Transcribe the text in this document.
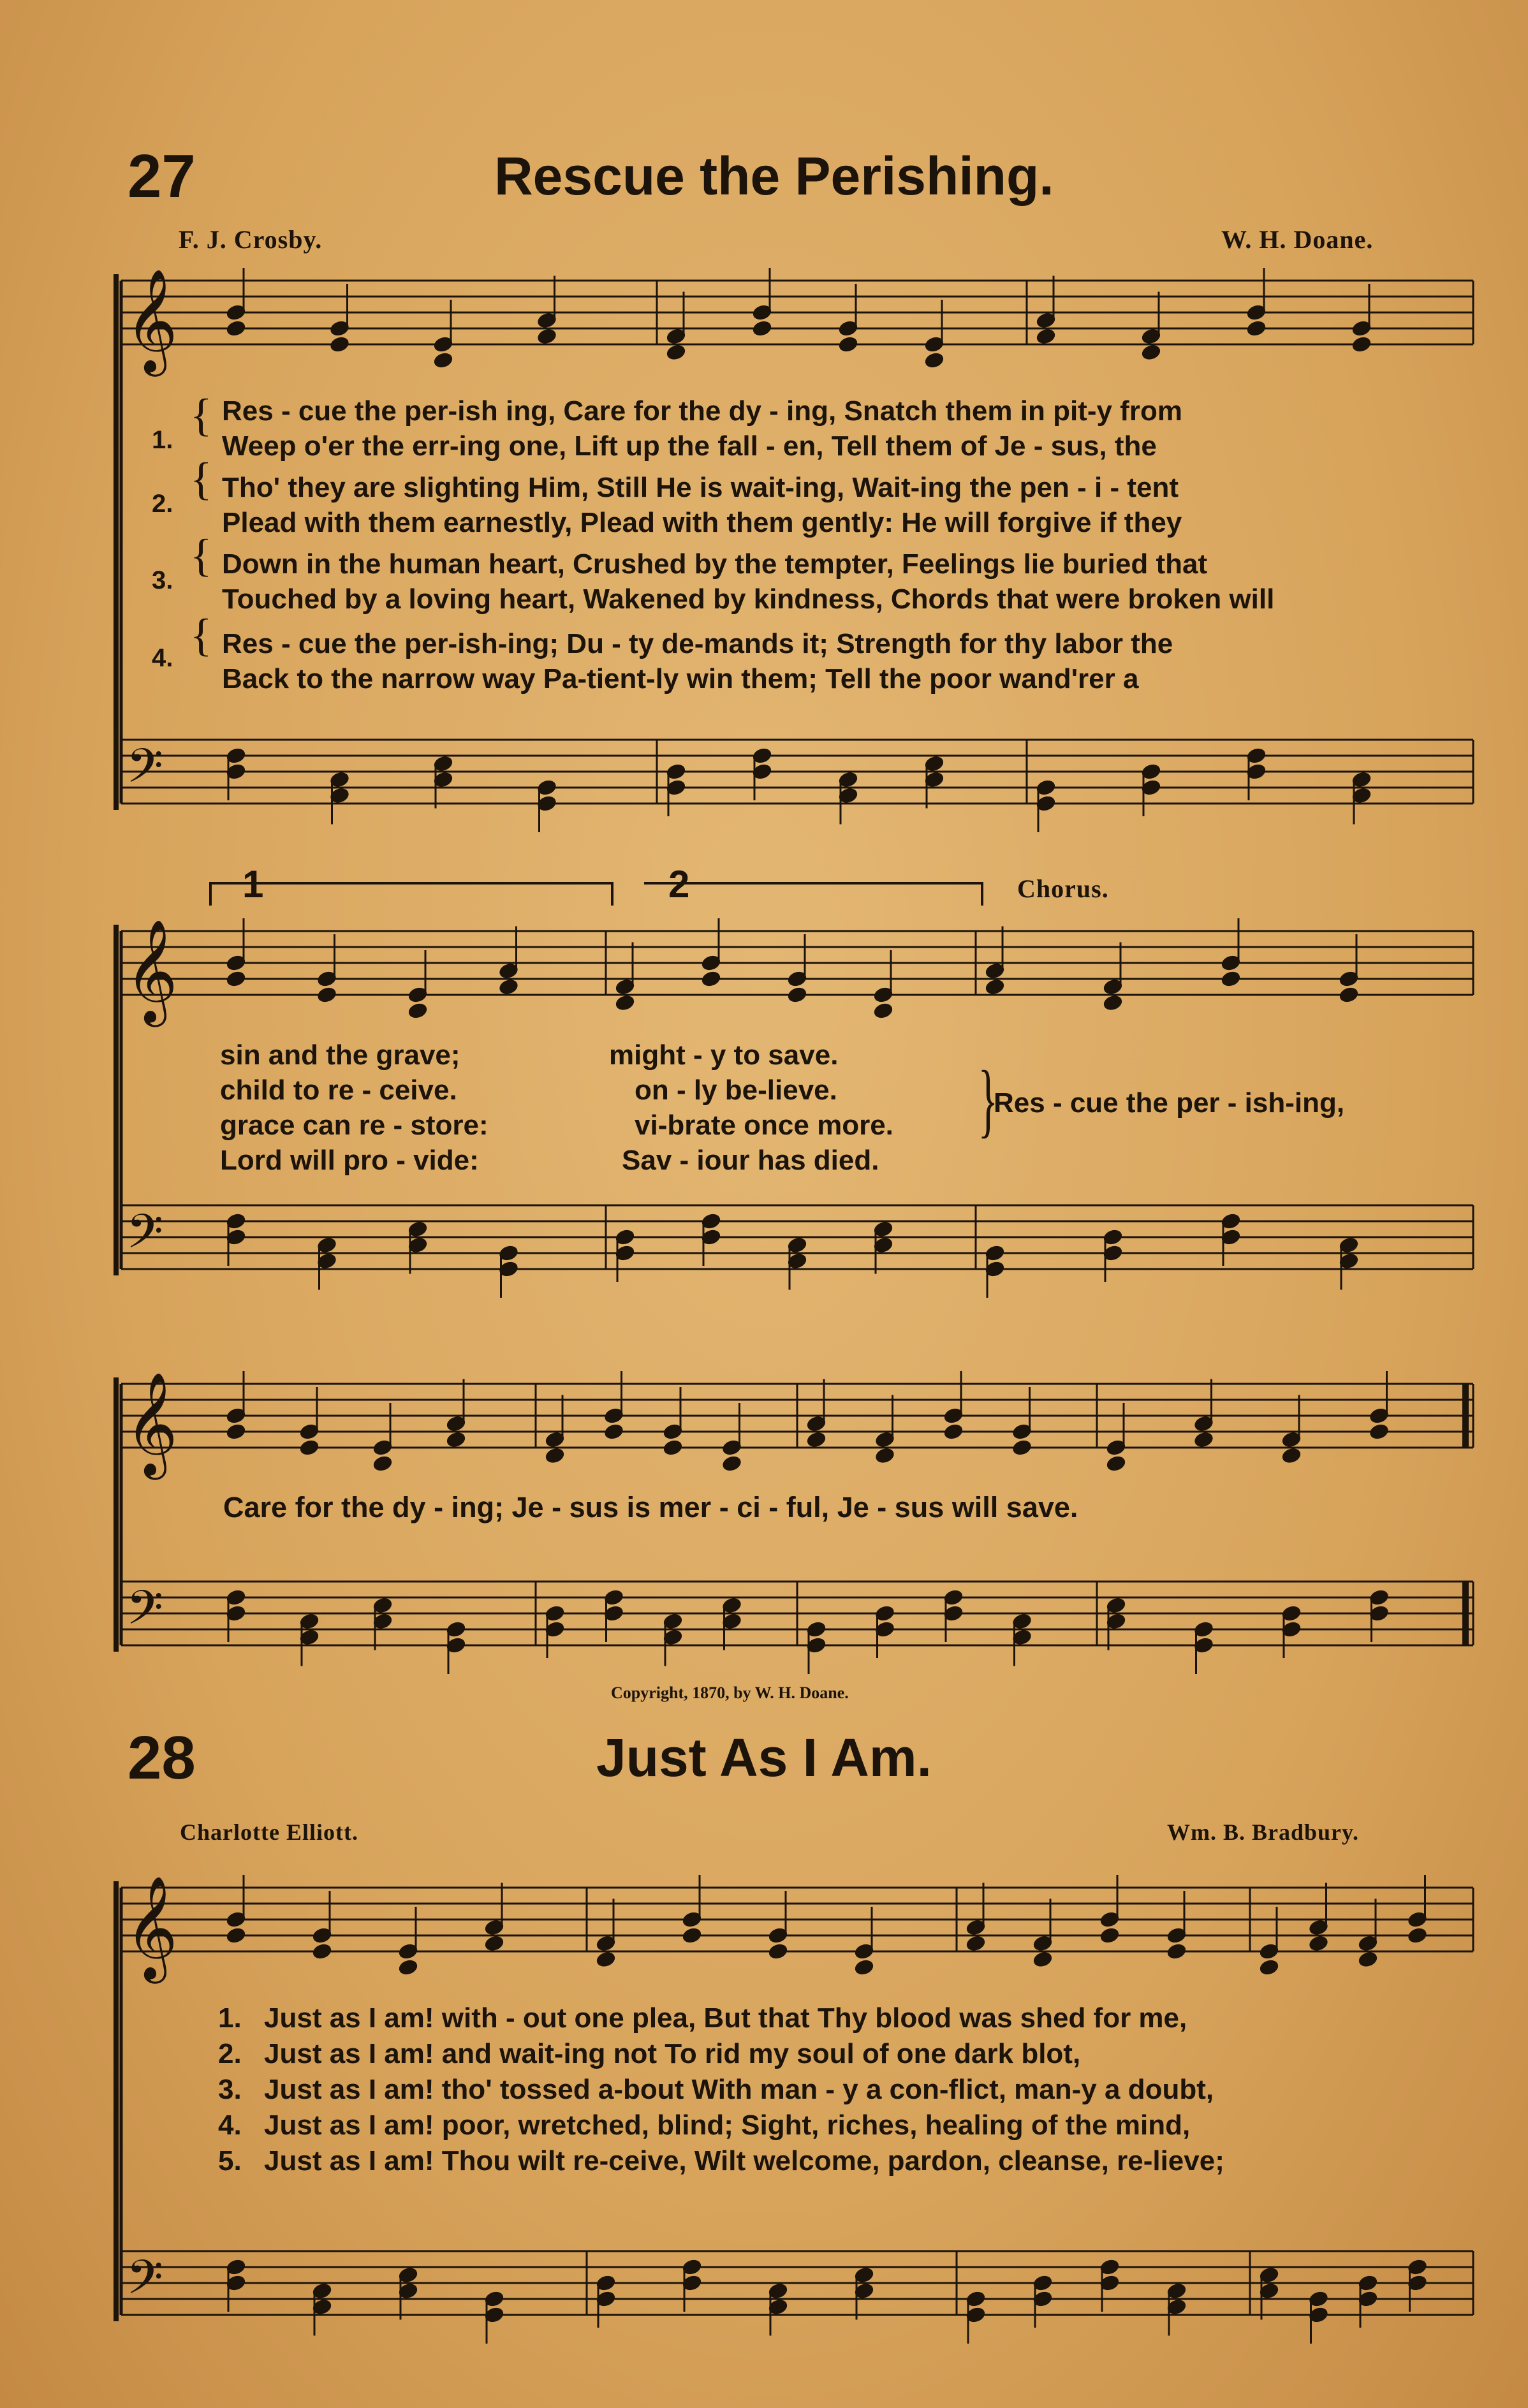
𝄞
𝄢
𝄞
𝄢
𝄞
𝄢
𝄞
𝄢
27	Rescue the Perishing.
F. J. Crosby.	W. H. Doane.
1. { Res - cue the per-ish ing, Care for the dy - ing, Snatch them in pit-y from
Weep o'er the err-ing one, Lift up the fall - en, Tell them of Je - sus, the
2. { Tho' they are slighting Him, Still He is wait-ing, Wait-ing the pen - i - tent
Plead with them earnestly, Plead with them gently: He will forgive if they
3. { Down in the human heart, Crushed by the tempter, Feelings lie buried that
Touched by a loving heart, Wakened by kindness, Chords that were broken will
4. { Res - cue the per-ish-ing; Du - ty de-mands it; Strength for thy labor the
Back to the narrow way Pa-tient-ly win them; Tell the poor wand'rer a
1	2	Chorus.
sin and the grave;
child to re - ceive.
grace can re - store:
Lord will pro - vide:
might - y to save.
on - ly be-lieve.
vi-brate once more.
Sav - iour has died.
}
Res - cue the per - ish-ing,
Care for the dy - ing; Je - sus is mer - ci - ful, Je - sus will save.
Copyright, 1870, by W. H. Doane.
28	Just As I Am.
Charlotte Elliott.	Wm. B. Bradbury.
1. Just as I am! with - out one plea, But that Thy blood was shed for me,
2. Just as I am! and wait-ing not To rid my soul of one dark blot,
3. Just as I am! tho' tossed a-bout With man - y a con-flict, man-y a doubt,
4. Just as I am! poor, wretched, blind; Sight, riches, healing of the mind,
5. Just as I am! Thou wilt re-ceive, Wilt welcome, pardon, cleanse, re-lieve;
